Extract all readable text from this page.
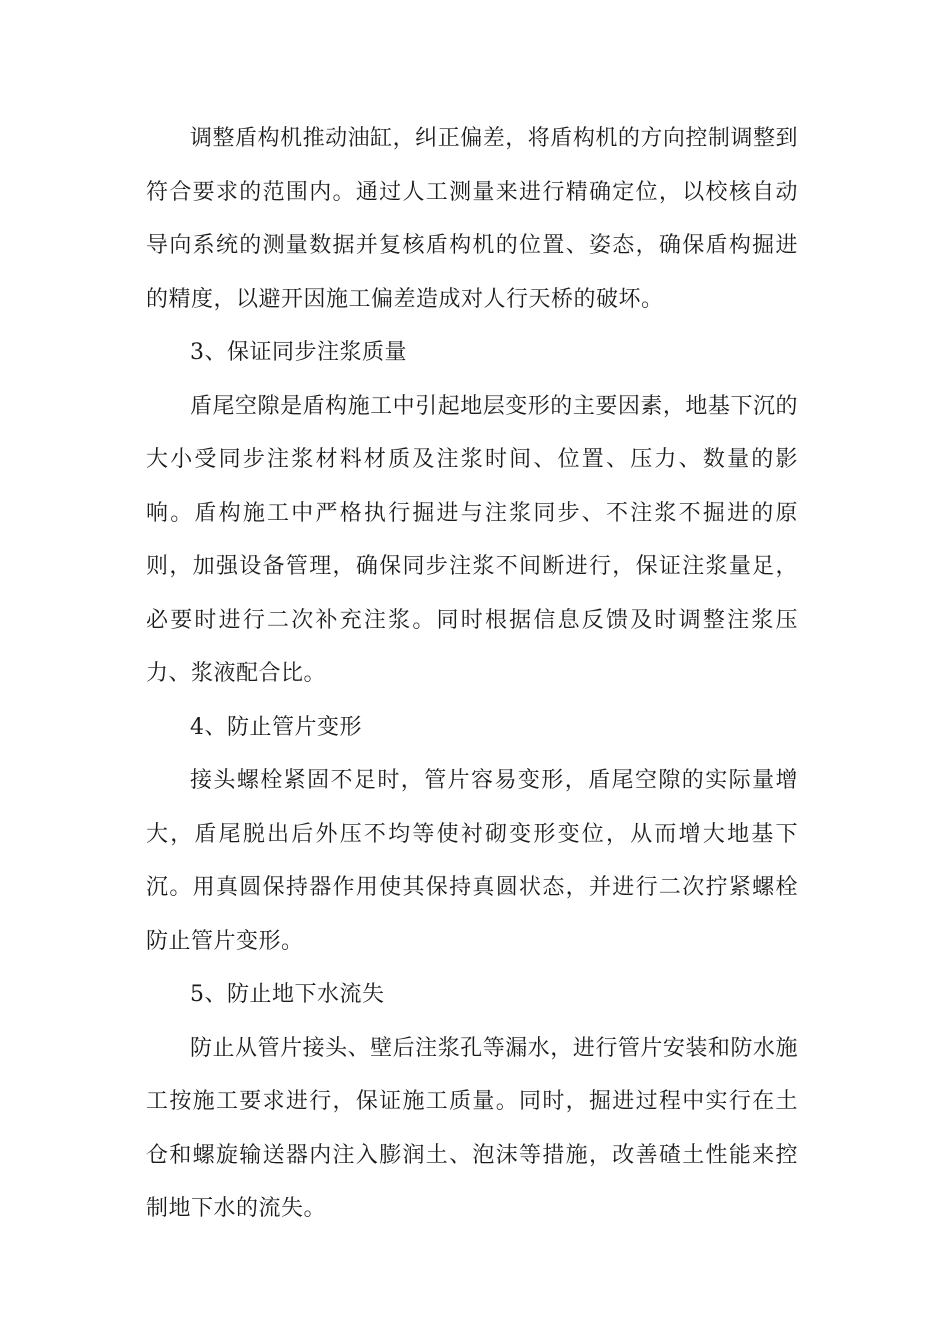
调整盾构机推动油缸，纠正偏差，将盾构机的方向控制调整到符合要求的范围内。通过人工测量来进行精确定位，以校核自动导向系统的测量数据并复核盾构机的位置、姿态，确保盾构掘进的精度，以避开因施工偏差造成对人行天桥的破坏。

3、保证同步注浆质量

盾尾空隙是盾构施工中引起地层变形的主要因素，地基下沉的大小受同步注浆材料材质及注浆时间、位置、压力、数量的影响。盾构施工中严格执行掘进与注浆同步、不注浆不掘进的原则，加强设备管理，确保同步注浆不间断进行，保证注浆量足，必要时进行二次补充注浆。同时根据信息反馈及时调整注浆压力、浆液配合比。

4、防止管片变形

接头螺栓紧固不足时，管片容易变形，盾尾空隙的实际量增大，盾尾脱出后外压不均等使衬砌变形变位，从而增大地基下沉。用真圆保持器作用使其保持真圆状态，并进行二次拧紧螺栓防止管片变形。

5、防止地下水流失

防止从管片接头、壁后注浆孔等漏水，进行管片安装和防水施工按施工要求进行，保证施工质量。同时，掘进过程中实行在土仓和螺旋输送器内注入膨润土、泡沫等措施，改善碴土性能来控制地下水的流失。
